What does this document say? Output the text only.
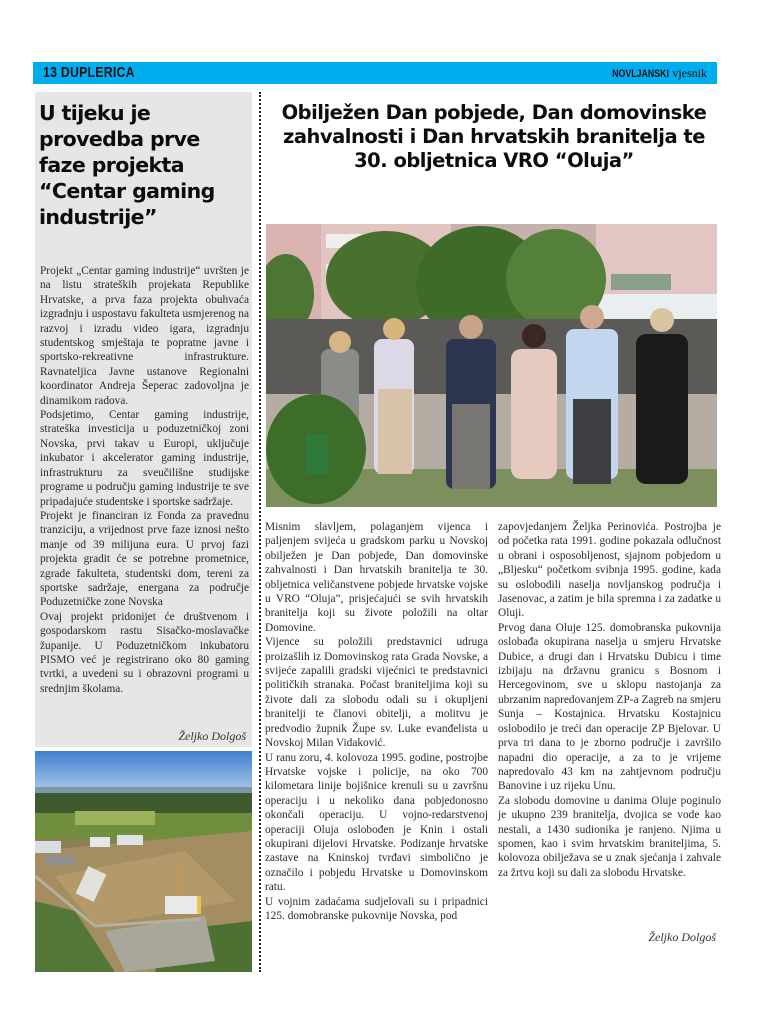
13 DUPLERICA	NOVLJANSKI vjesnik
U tijeku je provedba prve faze projekta “Centar gaming industrije”

Projekt „Centar gaming industrije“ uvršten je na listu strateških projekata Republike Hrvatske, a prva faza projekta obuhvaća izgradnju i uspostavu fakulteta usmjerenog na razvoj i izradu video igara, izgradnju studentskog smještaja te popratne javne i sportsko-rekreativne infrastrukture. Ravnateljica Javne ustanove Regionalni koordinator Andreja Šeperac zadovoljna je dinamikom radova.

Podsjetimo, Centar gaming industrije, strateška investicija u poduzetničkoj zoni Novska, prvi takav u Europi, uključuje inkubator i akcelerator gaming industrije, infrastrukturu za sveučilišne studijske programe u području gaming industrije te sve pripadajuće studentske i sportske sadržaje.

Projekt je financiran iz Fonda za pravednu tranziciju, a vrijednost prve faze iznosi nešto manje od 39 milijuna eura. U prvoj fazi projekta gradit će se potrebne prometnice, zgrade fakulteta, studentski dom, tereni za sportske sadržaje, energana za područje Poduzetničke zone Novska

Ovaj projekt pridonijet će društvenom i gospodarskom rastu Sisačko-moslavačke županije. U Poduzetničkom inkubatoru PISMO već je registrirano oko 80 gaming tvrtki, a uvedeni su i obrazovni programi u srednjim školama.

Željko Dolgoš
Obilježen Dan pobjede, Dan domovinske zahvalnosti i Dan hrvatskih branitelja te 30. obljetnica VRO “Oluja”

Misnim slavljem, polaganjem vijenca i paljenjem svijeća u gradskom parku u Novskoj obilježen je Dan pobjede, Dan domovinske zahvalnosti i Dan hrvatskih branitelja te 30. obljetnica veličanstvene pobjede hrvatske vojske u VRO “Oluja”, prisjećajući se svih hrvatskih branitelja koji su živote položili na oltar Domovine.

Vijence su položili predstavnici udruga proizašlih iz Domovinskog rata Grada Novske, a svijeće zapalili gradski vijećnici te predstavnici političkih stranaka. Počast braniteljima koji su živote dali za slobodu odali su i okupljeni branitelji te članovi obitelji, a molitvu je predvodio župnik Župe sv. Luke evanđelista u Novskoj Milan Vidaković.

U ranu zoru, 4. kolovoza 1995. godine, postrojbe Hrvatske vojske i policije, na oko 700 kilometara linije bojišnice krenuli su u završnu operaciju i u nekoliko dana pobjedonosno okončali operaciju. U vojno-redarstvenoj operaciji Oluja oslobođen je Knin i ostali okupirani dijelovi Hrvatske. Podizanje hrvatske zastave na Kninskoj tvrđavi simbolično je označilo i pobjedu Hrvatske u Domovinskom ratu.

U vojnim zadaćama sudjelovali su i pripadnici 125. domobranske pukovnije Novska, pod

zapovjedanjem Željka Perinovića. Postrojba je od početka rata 1991. godine pokazala odlučnost u obrani i osposobljenost, sjajnom pobjedom u „Bljesku“ početkom svibnja 1995. godine, kada su oslobodili naselja novljanskog područja i Jasenovac, a zatim je bila spremna i za zadatke u Oluji.

Prvog dana Oluje 125. domobranska pukovnija oslobađa okupirana naselja u smjeru Hrvatske Dubice, a drugi dan i Hrvatsku Dubicu i time izbijaju na državnu granicu s Bosnom i Hercegovinom, sve u sklopu nastojanja za ubrzanim napredovanjem ZP-a Zagreb na smjeru Sunja – Kostajnica. Hrvatsku Kostajnicu oslobodilo je treći dan operacije ZP Bjelovar. U prva tri dana to je zborno područje i završilo napadni dio operacije, a za to je vrijeme napredovalo 43 km na zahtjevnom području Banovine i uz rijeku Unu.

Za slobodu domovine u danima Oluje poginulo je ukupno 239 branitelja, dvojica se vode kao nestali, a 1430 sudionika je ranjeno. Njima u spomen, kao i svim hrvatskim braniteljima, 5. kolovoza obilježava se u znak sjećanja i zahvale za žrtvu koji su dali za slobodu Hrvatske.

Željko Dolgoš
